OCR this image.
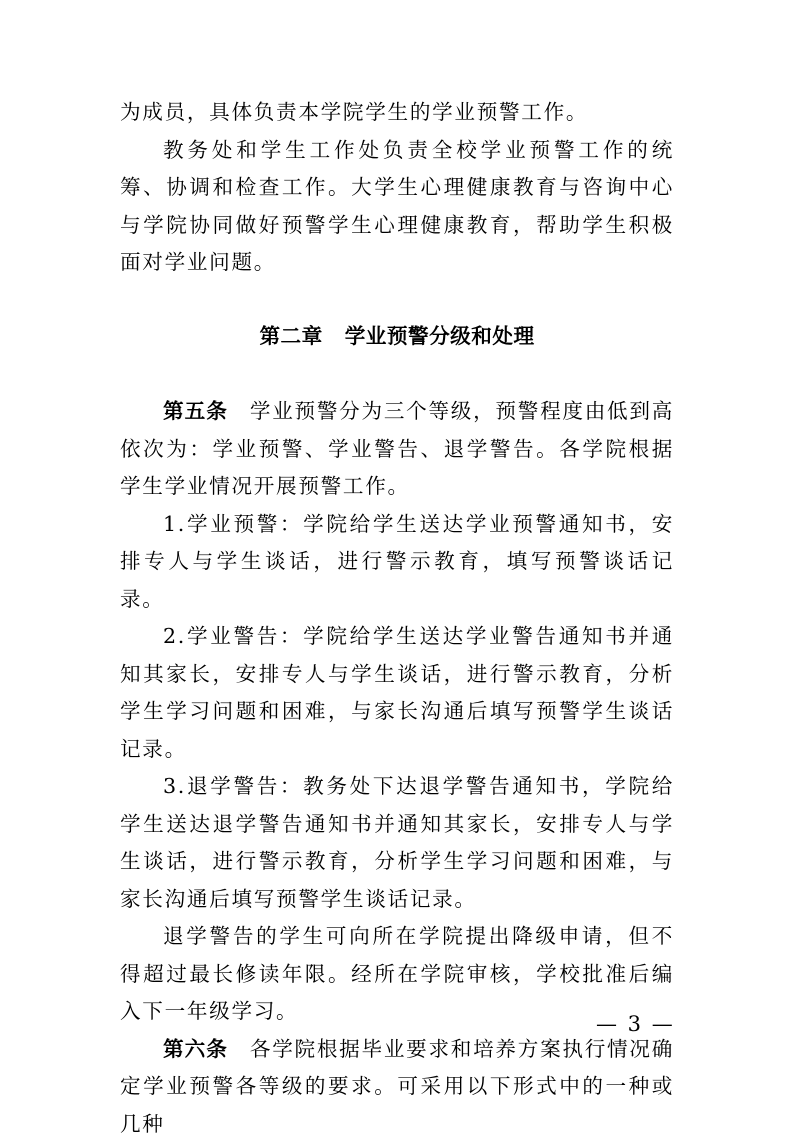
为成员，具体负责本学院学生的学业预警工作。

教务处和学生工作处负责全校学业预警工作的统筹、协调和检查工作。大学生心理健康教育与咨询中心与学院协同做好预警学生心理健康教育，帮助学生积极面对学业问题。

第二章 学业预警分级和处理

第五条 学业预警分为三个等级，预警程度由低到高依次为：学业预警、学业警告、退学警告。各学院根据学生学业情况开展预警工作。

1.学业预警：学院给学生送达学业预警通知书，安排专人与学生谈话，进行警示教育，填写预警谈话记录。

2.学业警告：学院给学生送达学业警告通知书并通知其家长，安排专人与学生谈话，进行警示教育，分析学生学习问题和困难，与家长沟通后填写预警学生谈话记录。

3.退学警告：教务处下达退学警告通知书，学院给学生送达退学警告通知书并通知其家长，安排专人与学生谈话，进行警示教育，分析学生学习问题和困难，与家长沟通后填写预警学生谈话记录。

退学警告的学生可向所在学院提出降级申请，但不得超过最长修读年限。经所在学院审核，学校批准后编入下一年级学习。

第六条 各学院根据毕业要求和培养方案执行情况确定学业预警各等级的要求。可采用以下形式中的一种或几种

— 3 —
